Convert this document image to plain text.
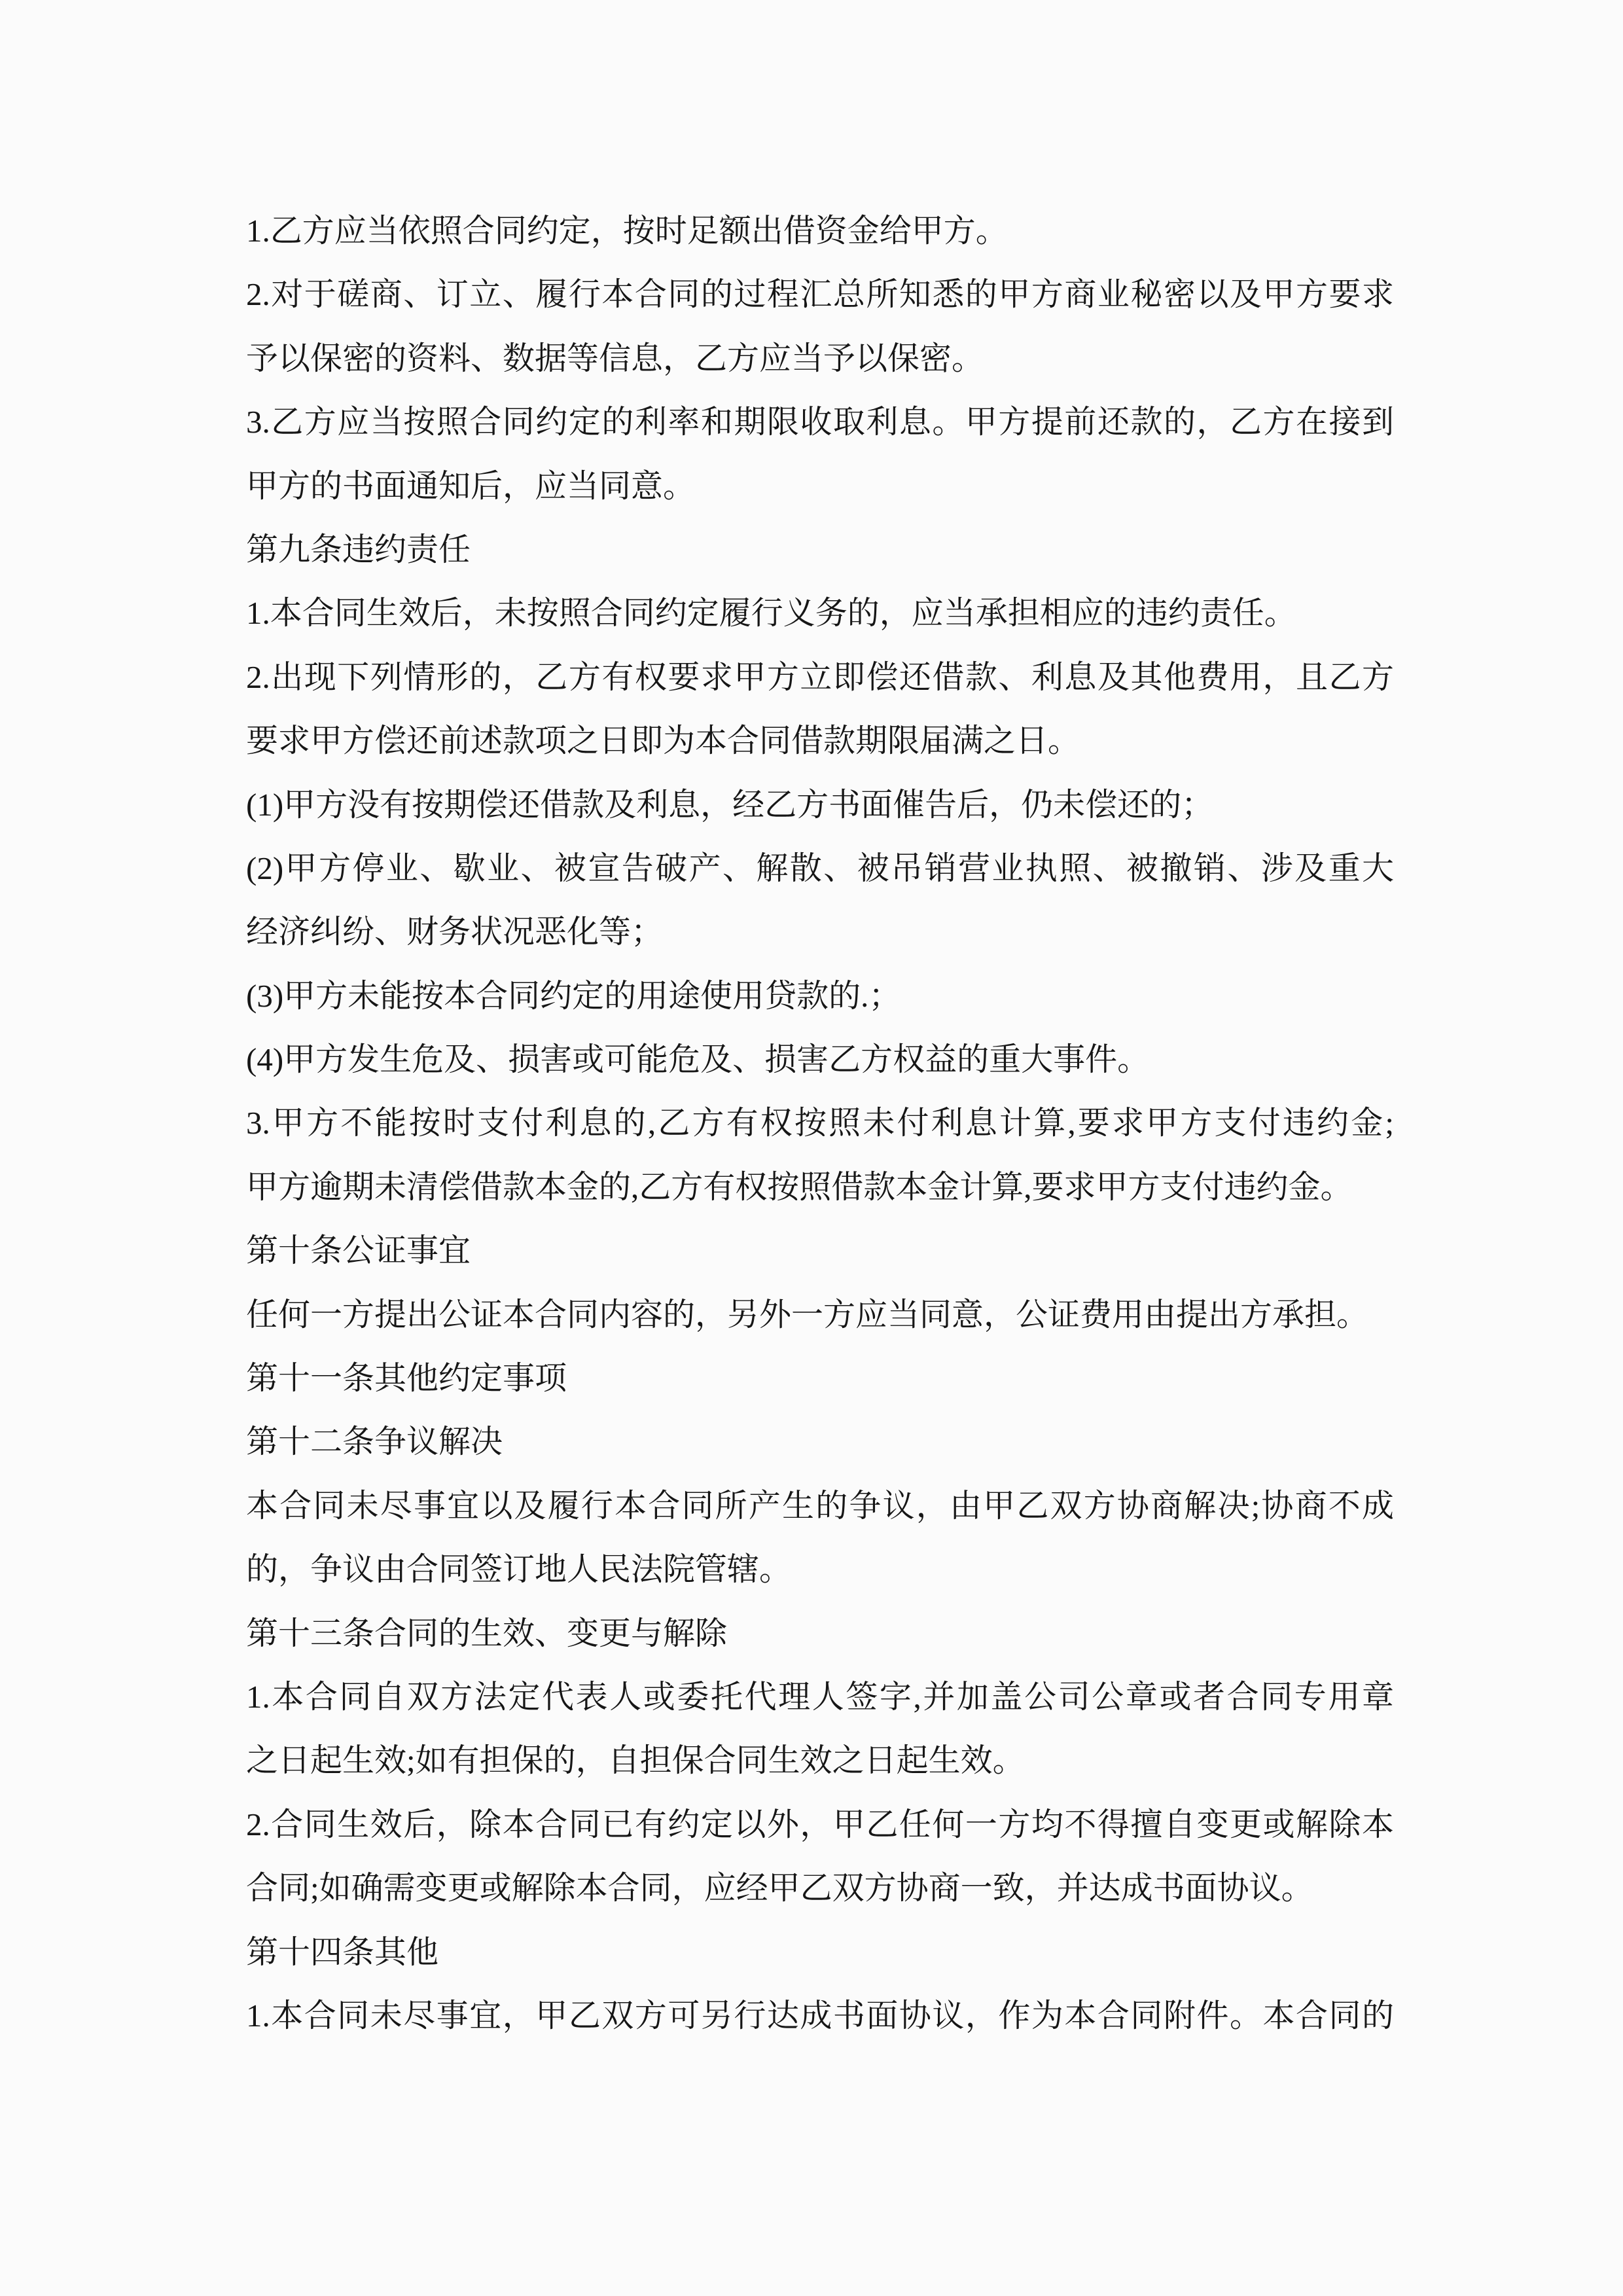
1.乙方应当依照合同约定，按时足额出借资金给甲方。
2.对于磋商、订立、履行本合同的过程汇总所知悉的甲方商业秘密以及甲方要求
予以保密的资料、数据等信息，乙方应当予以保密。
3.乙方应当按照合同约定的利率和期限收取利息。甲方提前还款的，乙方在接到
甲方的书面通知后，应当同意。
第九条违约责任
1.本合同生效后，未按照合同约定履行义务的，应当承担相应的违约责任。
2.出现下列情形的，乙方有权要求甲方立即偿还借款、利息及其他费用，且乙方
要求甲方偿还前述款项之日即为本合同借款期限届满之日。
(1)甲方没有按期偿还借款及利息，经乙方书面催告后，仍未偿还的；
(2)甲方停业、歇业、被宣告破产、解散、被吊销营业执照、被撤销、涉及重大
经济纠纷、财务状况恶化等；
(3)甲方未能按本合同约定的用途使用贷款的.；
(4)甲方发生危及、损害或可能危及、损害乙方权益的重大事件。
3.甲方不能按时支付利息的,乙方有权按照未付利息计算,要求甲方支付违约金;
甲方逾期未清偿借款本金的,乙方有权按照借款本金计算,要求甲方支付违约金。
第十条公证事宜
任何一方提出公证本合同内容的，另外一方应当同意，公证费用由提出方承担。
第十一条其他约定事项
第十二条争议解决
本合同未尽事宜以及履行本合同所产生的争议，由甲乙双方协商解决;协商不成
的，争议由合同签订地人民法院管辖。
第十三条合同的生效、变更与解除
1.本合同自双方法定代表人或委托代理人签字,并加盖公司公章或者合同专用章
之日起生效;如有担保的，自担保合同生效之日起生效。
2.合同生效后，除本合同已有约定以外，甲乙任何一方均不得擅自变更或解除本
合同;如确需变更或解除本合同，应经甲乙双方协商一致，并达成书面协议。
第十四条其他
1.本合同未尽事宜，甲乙双方可另行达成书面协议，作为本合同附件。本合同的
